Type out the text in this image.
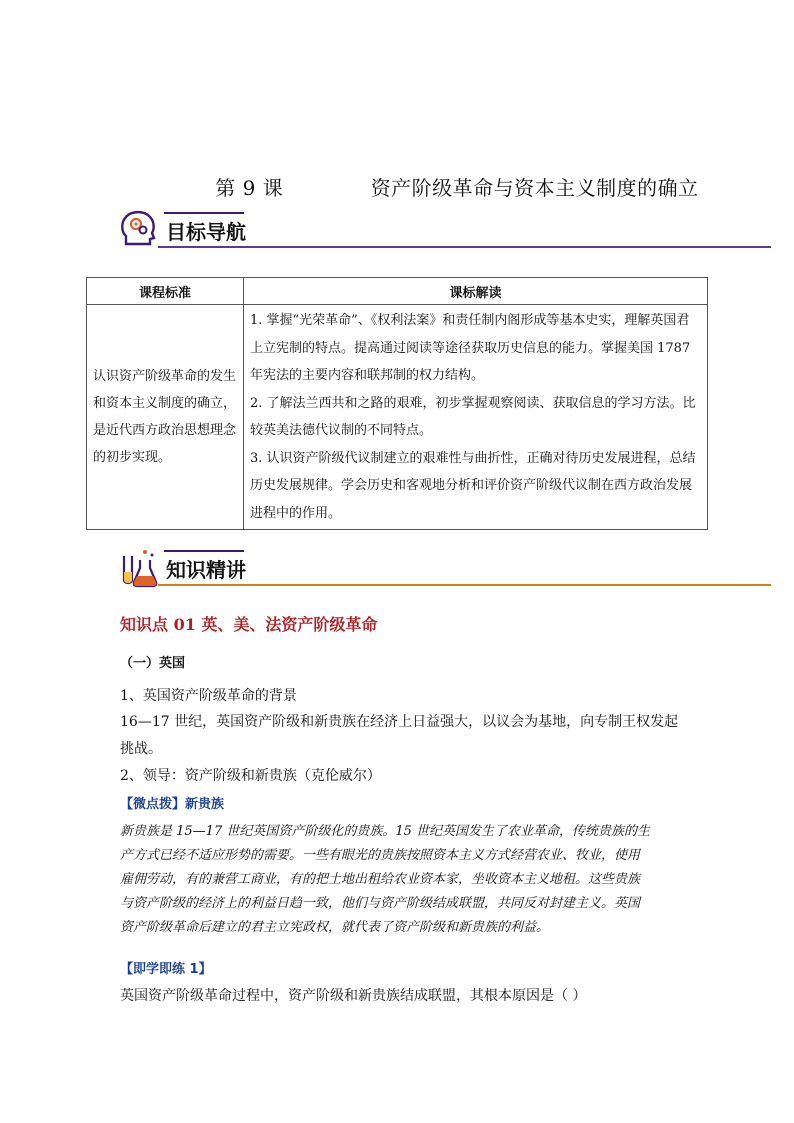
第 9 课	资产阶级革命与资本主义制度的确立
目标导航
课程标准	课标解读
认识资产阶级革命的发生和资本主义制度的确立，是近代西方政治思想理念的初步实现。	1. 掌握“光荣革命”、《权利法案》和责任制内阁形成等基本史实，理解英国君上立宪制的特点。提高通过阅读等途径获取历史信息的能力。掌握美国 1787 年宪法的主要内容和联邦制的权力结构。
2. 了解法兰西共和之路的艰难，初步掌握观察阅读、获取信息的学习方法。比较英美法德代议制的不同特点。
3. 认识资产阶级代议制建立的艰难性与曲折性，正确对待历史发展进程，总结历史发展规律。学会历史和客观地分析和评价资产阶级代议制在西方政治发展进程中的作用。
知识精讲
知识点 01 英、美、法资产阶级革命
（一）英国
1、英国资产阶级革命的背景
16—17 世纪，英国资产阶级和新贵族在经济上日益强大，以议会为基地，向专制王权发起
挑战。
2、领导：资产阶级和新贵族（克伦威尔）
【微点拨】新贵族
新贵族是 15—17 世纪英国资产阶级化的贵族。15 世纪英国发生了农业革命，传统贵族的生
产方式已经不适应形势的需要。一些有眼光的贵族按照资本主义方式经营农业、牧业，使用
雇佣劳动，有的兼营工商业，有的把土地出租给农业资本家，坐收资本主义地租。这些贵族
与资产阶级的经济上的利益日趋一致，他们与资产阶级结成联盟，共同反对封建主义。英国
资产阶级革命后建立的君主立宪政权，就代表了资产阶级和新贵族的利益。
【即学即练 1】
英国资产阶级革命过程中，资产阶级和新贵族结成联盟，其根本原因是（ ）
